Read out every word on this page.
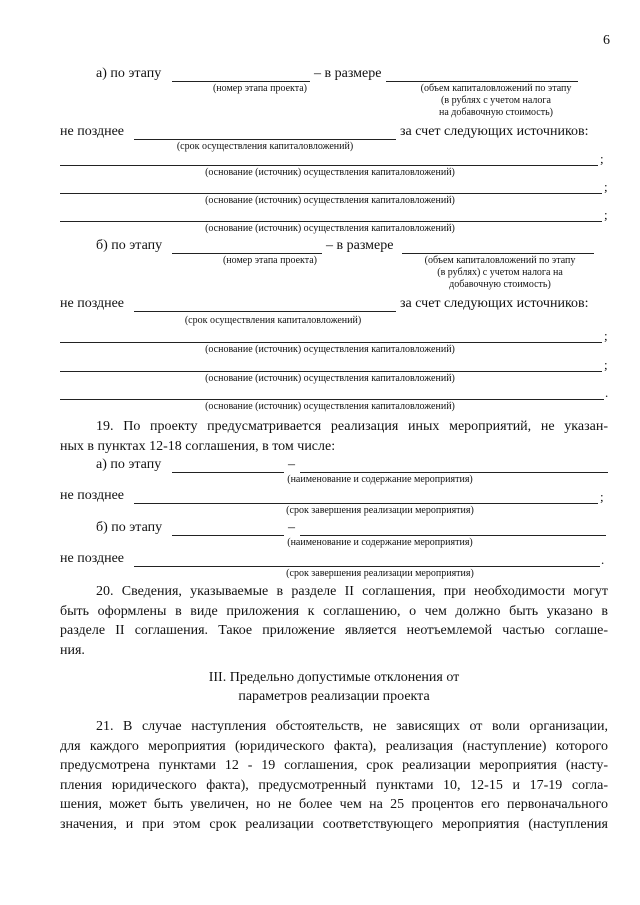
6
а) по этапу	– в размере
(номер этапа проекта)	(объем капиталовложений по этапу
(в рублях с учетом налога
на добавочную стоимость)
не позднее	за счет следующих источников:
(срок осуществления капиталовложений)
;
(основание (источник) осуществления капиталовложений)
;
(основание (источник) осуществления капиталовложений)
;
(основание (источник) осуществления капиталовложений)
б) по этапу	– в размере
(номер этапа проекта)	(объем капиталовложений по этапу
(в рублях) с учетом налога на
добавочную стоимость)
не позднее	за счет следующих источников:
(срок осуществления капиталовложений)
;
(основание (источник) осуществления капиталовложений)
;
(основание (источник) осуществления капиталовложений)
.
(основание (источник) осуществления капиталовложений)
19. По проекту предусматривается реализация иных мероприятий, не указан-
ных в пунктах 12-18 соглашения, в том числе:
а) по этапу	–
(наименование и содержание мероприятия)
не позднее	;
(срок завершения реализации мероприятия)
б) по этапу	–
(наименование и содержание мероприятия)
не позднее	.
(срок завершения реализации мероприятия)
20. Сведения, указываемые в разделе II соглашения, при необходимости могут
быть оформлены в виде приложения к соглашению, о чем должно быть указано в
разделе II соглашения. Такое приложение является неотъемлемой частью соглаше-
ния.
III. Предельно допустимые отклонения от
параметров реализации проекта
21. В случае наступления обстоятельств, не зависящих от воли организации,
для каждого мероприятия (юридического факта), реализация (наступление) которого
предусмотрена пунктами 12 - 19 соглашения, срок реализации мероприятия (насту-
пления юридического факта), предусмотренный пунктами 10, 12-15 и 17-19 согла-
шения, может быть увеличен, но не более чем на 25 процентов его первоначального
значения, и при этом срок реализации соответствующего мероприятия (наступления
